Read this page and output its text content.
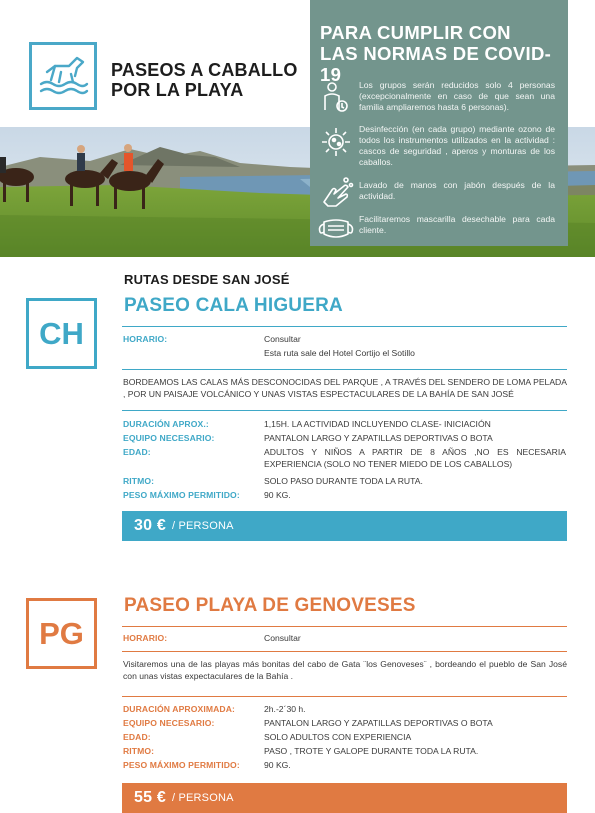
PASEOS A CABALLO
POR LA PLAYA
PARA CUMPLIR CON
LAS NORMAS DE COVID-19	Los grupos serán reducidos solo 4 personas (excepcionalmente en caso de que sean una familia ampliaremos hasta 6 personas).
Desinfección (en cada grupo) mediante ozono de todos los instrumentos utilizados en la actividad : cascos de seguridad , aperos y monturas de los caballos.
Lavado de manos con jabón después de la actividad.
Facilitaremos mascarilla desechable para cada cliente.
RUTAS DESDE SAN JOSÉ
CH
PASEO CALA HIGUERA
HORARIO:	Consultar
Esta ruta sale del Hotel Cortijo el Sotillo
BORDEAMOS LAS CALAS MÁS DESCONOCIDAS DEL PARQUE , A TRAVÉS DEL SENDERO DE LOMA PELADA , POR UN PAISAJE VOLCÁNICO Y UNAS VISTAS ESPECTACULARES DE LA BAHÍA DE SAN JOSÉ
DURACIÓN APROX.:	1,15H. LA ACTIVIDAD INCLUYENDO CLASE- INICIACIÓN
EQUIPO NECESARIO:	PANTALON LARGO Y ZAPATILLAS DEPORTIVAS O BOTA
EDAD:	ADULTOS Y NIÑOS A PARTIR DE 8 AÑOS ,NO ES NECESARIA EXPERIENCIA (SOLO NO TENER MIEDO DE LOS CABALLOS)
RITMO:	SOLO PASO DURANTE TODA LA RUTA.
PESO MÁXIMO PERMITIDO:	90 KG.
30 € / PERSONA
PG
PASEO PLAYA DE GENOVESES
HORARIO:	Consultar
Visitaremos una de las playas más bonitas del cabo de Gata ¨los Genoveses¨ , bordeando el pueblo de San José con unas vistas expectaculares de la Bahía .
DURACIÓN APROXIMADA:	2h.-2´30 h.
EQUIPO NECESARIO:	PANTALON LARGO Y ZAPATILLAS DEPORTIVAS O BOTA
EDAD:	SOLO ADULTOS CON EXPERIENCIA
RITMO:	PASO , TROTE Y GALOPE DURANTE TODA LA RUTA.
PESO MÁXIMO PERMITIDO:	90 KG.
55 € / PERSONA
